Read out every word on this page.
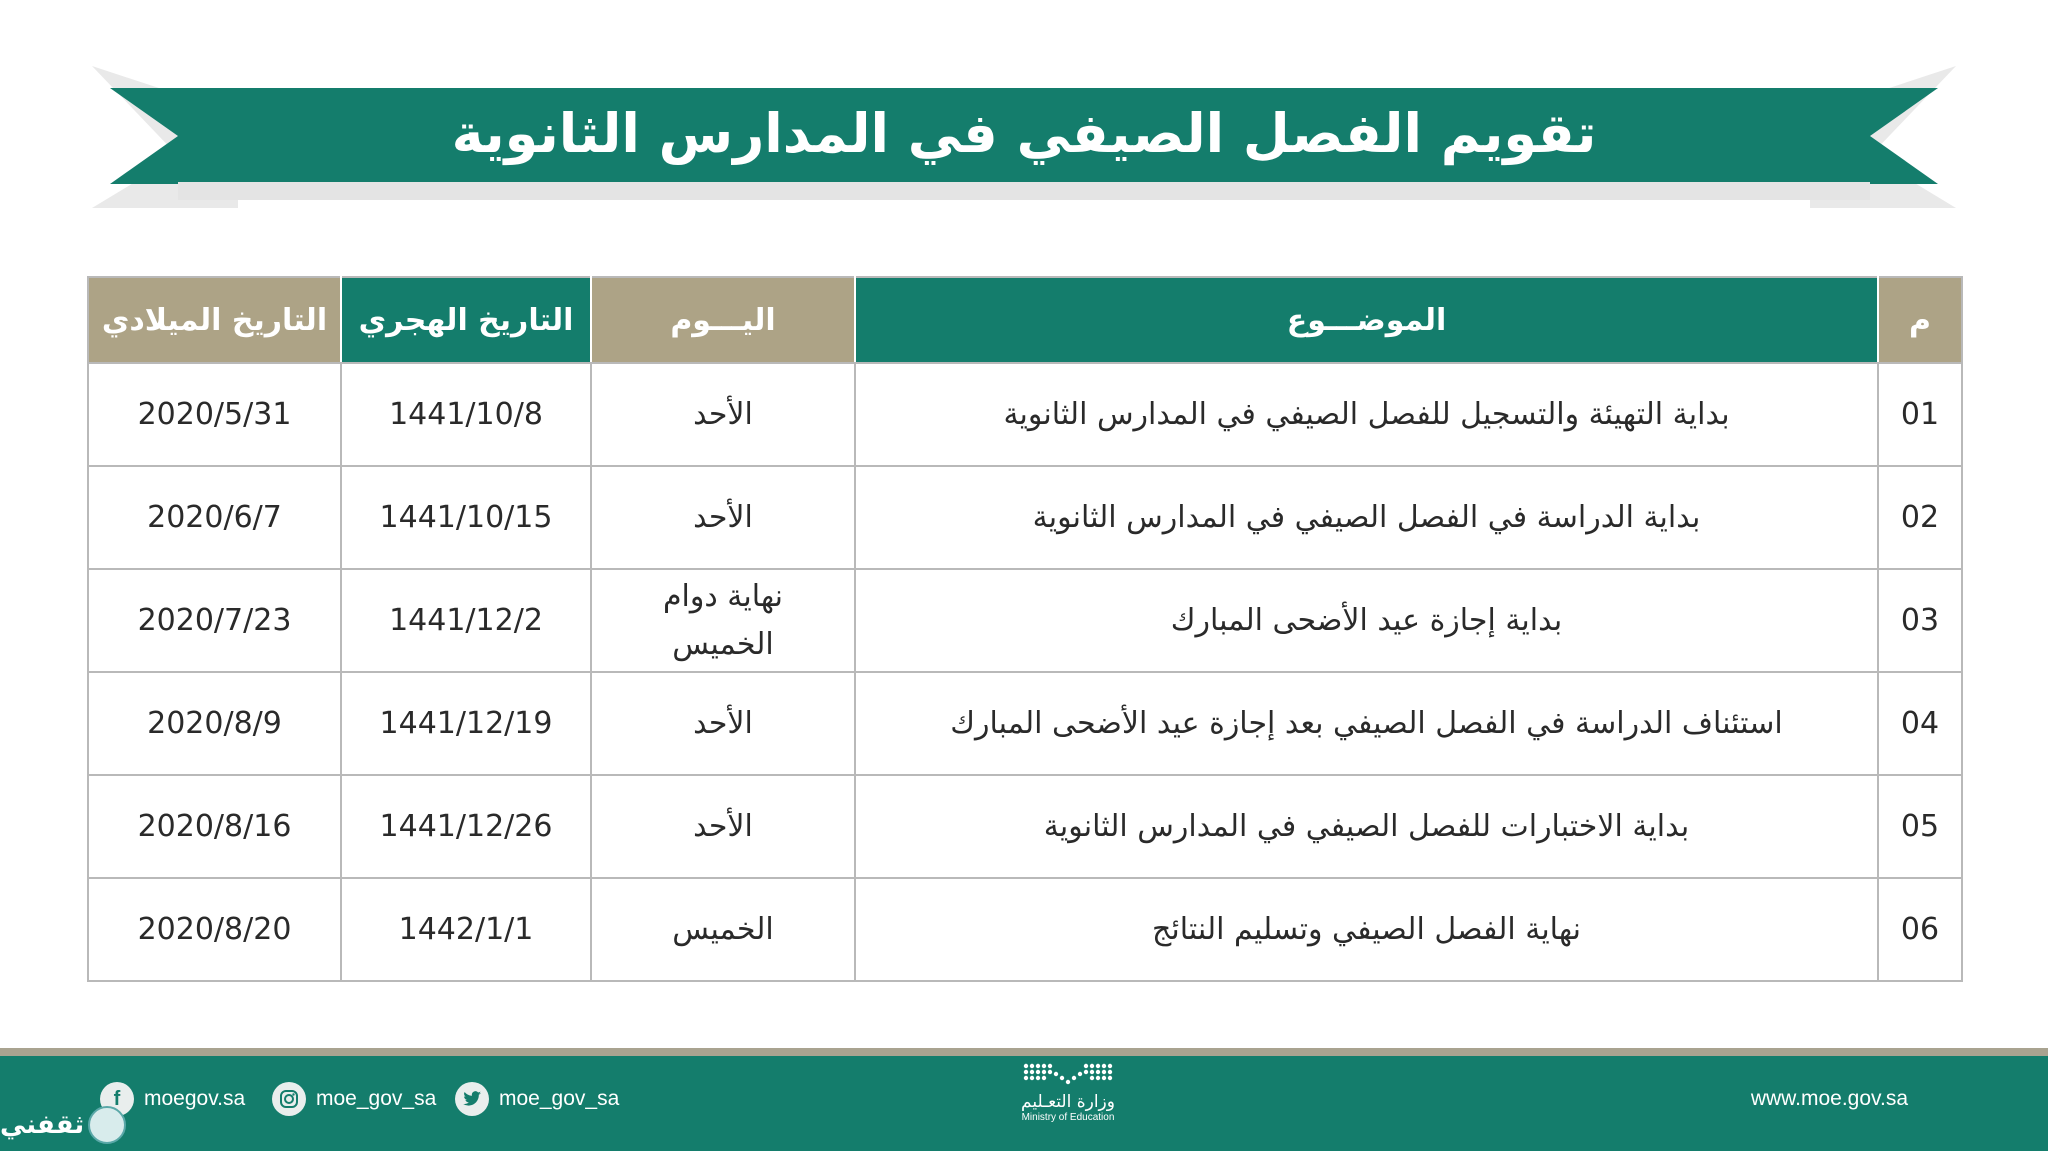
تقويم الفصل الصيفي في المدارس الثانوية
م	الموضـــوع	اليـــوم	التاريخ الهجري	التاريخ الميلادي
01	بداية التهيئة والتسجيل للفصل الصيفي في المدارس الثانوية	الأحد	1441/10/8	2020/5/31
02	بداية الدراسة في الفصل الصيفي في المدارس الثانوية	الأحد	1441/10/15	2020/6/7
03	بداية إجازة عيد الأضحى المبارك	نهاية دوام الخميس	1441/12/2	2020/7/23
04	استئناف الدراسة في الفصل الصيفي بعد إجازة عيد الأضحى المبارك	الأحد	1441/12/19	2020/8/9
05	بداية الاختبارات للفصل الصيفي في المدارس الثانوية	الأحد	1441/12/26	2020/8/16
06	نهاية الفصل الصيفي وتسليم النتائج	الخميس	1442/1/1	2020/8/20
f	moegov.sa	moe_gov_sa	moe_gov_sa	وزارة التعـليم
Ministry of Education
www.moe.gov.sa
ثقفني
